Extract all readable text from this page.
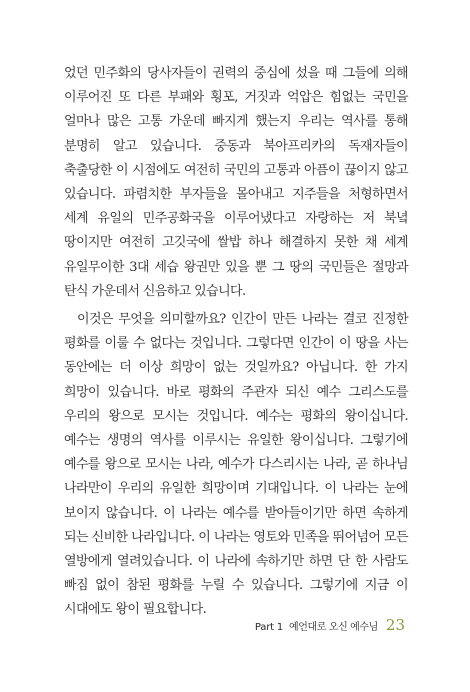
었던 민주화의 당사자들이 권력의 중심에 섰을 때 그들에 의해 이루어진 또 다른 부패와 횡포, 거짓과 억압은 힘없는 국민을 얼마나 많은 고통 가운데 빠지게 했는지 우리는 역사를 통해 분명히 알고 있습니다. 중동과 북아프리카의 독재자들이 축출당한 이 시점에도 여전히 국민의 고통과 아픔이 끊이지 않고 있습니다. 파렴치한 부자들을 몰아내고 지주들을 처형하면서 세계 유일의 민주공화국을 이루어냈다고 자랑하는 저 북녘 땅이지만 여전히 고깃국에 쌀밥 하나 해결하지 못한 채 세계 유일무이한 3대 세습 왕권만 있을 뿐 그 땅의 국민들은 절망과 탄식 가운데서 신음하고 있습니다.

이것은 무엇을 의미할까요? 인간이 만든 나라는 결코 진정한 평화를 이룰 수 없다는 것입니다. 그렇다면 인간이 이 땅을 사는 동안에는 더 이상 희망이 없는 것일까요? 아닙니다. 한 가지 희망이 있습니다. 바로 평화의 주관자 되신 예수 그리스도를 우리의 왕으로 모시는 것입니다. 예수는 평화의 왕이십니다. 예수는 생명의 역사를 이루시는 유일한 왕이십니다. 그렇기에 예수를 왕으로 모시는 나라, 예수가 다스리시는 나라, 곧 하나님 나라만이 우리의 유일한 희망이며 기대입니다. 이 나라는 눈에 보이지 않습니다. 이 나라는 예수를 받아들이기만 하면 속하게 되는 신비한 나라입니다. 이 나라는 영토와 민족을 뛰어넘어 모든 열방에게 열려있습니다. 이 나라에 속하기만 하면 단 한 사람도 빠짐 없이 참된 평화를 누릴 수 있습니다. 그렇기에 지금 이 시대에도 왕이 필요합니다.

Part 1 예언대로 오신 예수님 23
